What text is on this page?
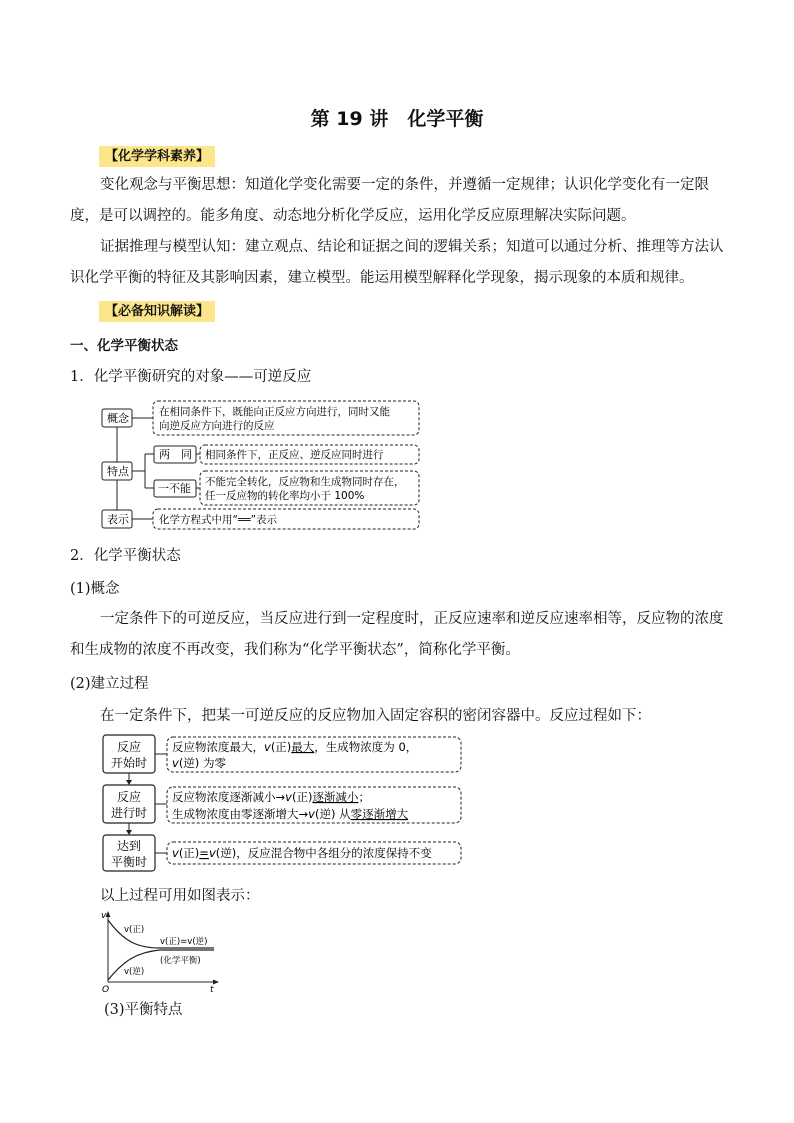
第 19 讲　化学平衡
【化学学科素养】
变化观念与平衡思想：知道化学变化需要一定的条件，并遵循一定规律；认识化学变化有一定限度，是可以调控的。能多角度、动态地分析化学反应，运用化学反应原理解决实际问题。
证据推理与模型认知：建立观点、结论和证据之间的逻辑关系；知道可以通过分析、推理等方法认识化学平衡的特征及其影响因素，建立模型。能运用模型解释化学现象，揭示现象的本质和规律。
【必备知识解读】
一、化学平衡状态
1．化学平衡研究的对象——可逆反应
概念
特点
表示
两　同
一不能
在相同条件下，既能向正反应方向进行，同时又能
向逆反应方向进行的反应
相同条件下，正反应、逆反应同时进行
不能完全转化，反应物和生成物同时存在，
任一反应物的转化率均小于 100%
化学方程式中用“══”表示
2．化学平衡状态
(1)概念
一定条件下的可逆反应，当反应进行到一定程度时，正反应速率和逆反应速率相等，反应物的浓度和生成物的浓度不再改变，我们称为“化学平衡状态”，简称化学平衡。
(2)建立过程
在一定条件下，把某一可逆反应的反应物加入固定容积的密闭容器中。反应过程如下：
反应
开始时
反应
进行时
达到
平衡时
反应物浓度最大，v(正)最大，生成物浓度为 0，
v(逆) 为零
反应物浓度逐渐减小→v(正)逐渐减小；
生成物浓度由零逐渐增大→v(逆) 从零逐渐增大
v(正)=v(逆)，反应混合物中各组分的浓度保持不变
以上过程可用如图表示：
v
t
O
v(正)
v(逆)
v(正)=v(逆)
(化学平衡)
(3)平衡特点
